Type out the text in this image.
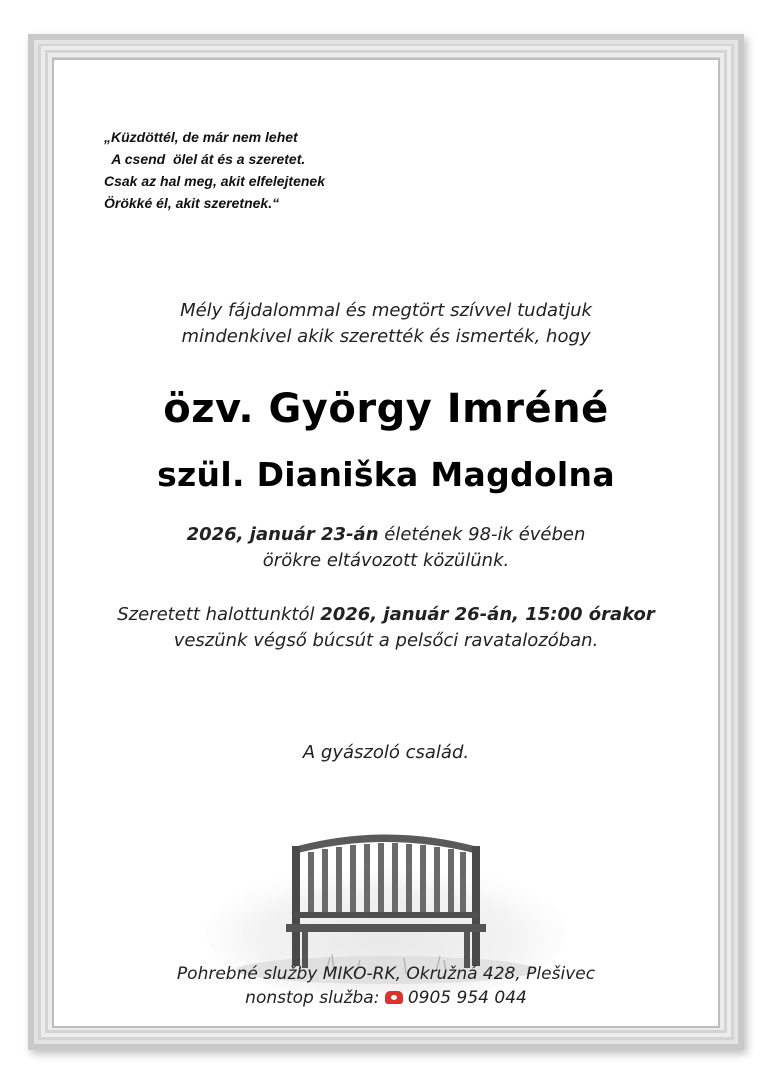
„Küzdöttél, de már nem lehet
A csend  ölel át és a szeretet.
Csak az hal meg, akit elfelejtenek
Örökké él, akit szeretnek.“
Mély fájdalommal és megtört szívvel tudatjuk
mindenkivel akik szerették és ismerték, hogy
özv. György Imréné
szül. Dianiška Magdolna
2026, január 23-án életének 98-ik évében
örökre eltávozott közülünk.
Szeretett halottunktól 2026, január 26-án, 15:00 órakor
veszünk végső búcsút a pelsőci ravatalozóban.
A gyászoló család.
Pohrebné služby MIKO-RK, Okružná 428, Plešivec
nonstop služba: 0905 954 044
